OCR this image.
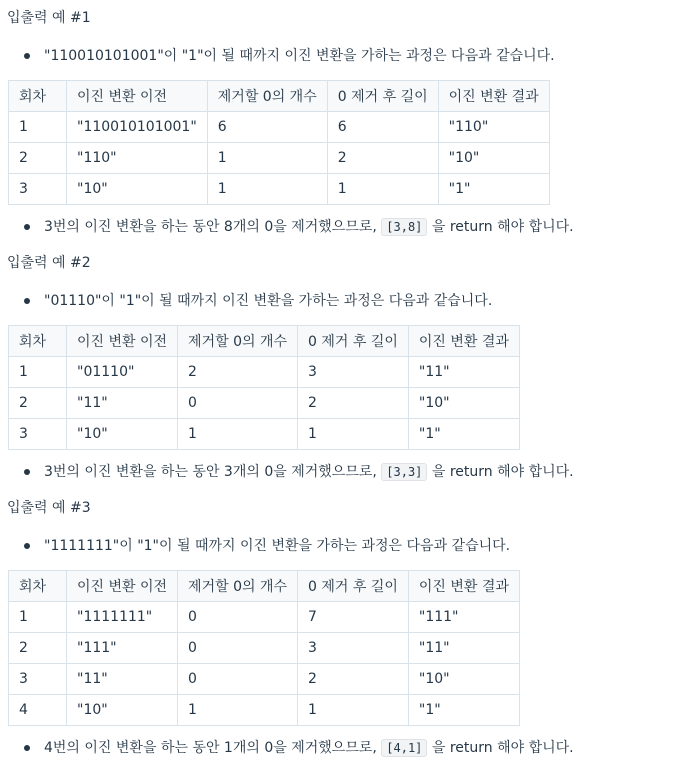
입출력 예 #1
"110010101001"이 "1"이 될 때까지 이진 변환을 가하는 과정은 다음과 같습니다.
회차	이진 변환 이전	제거할 0의 개수	0 제거 후 길이	이진 변환 결과
1	"110010101001"	6	6	"110"
2	"110"	1	2	"10"
3	"10"	1	1	"1"
3번의 이진 변환을 하는 동안 8개의 0을 제거했으므로, [3,8] 을 return 해야 합니다.
입출력 예 #2
"01110"이 "1"이 될 때까지 이진 변환을 가하는 과정은 다음과 같습니다.
회차	이진 변환 이전	제거할 0의 개수	0 제거 후 길이	이진 변환 결과
1	"01110"	2	3	"11"
2	"11"	0	2	"10"
3	"10"	1	1	"1"
3번의 이진 변환을 하는 동안 3개의 0을 제거했으므로, [3,3] 을 return 해야 합니다.
입출력 예 #3
"1111111"이 "1"이 될 때까지 이진 변환을 가하는 과정은 다음과 같습니다.
회차	이진 변환 이전	제거할 0의 개수	0 제거 후 길이	이진 변환 결과
1	"1111111"	0	7	"111"
2	"111"	0	3	"11"
3	"11"	0	2	"10"
4	"10"	1	1	"1"
4번의 이진 변환을 하는 동안 1개의 0을 제거했으므로, [4,1] 을 return 해야 합니다.
